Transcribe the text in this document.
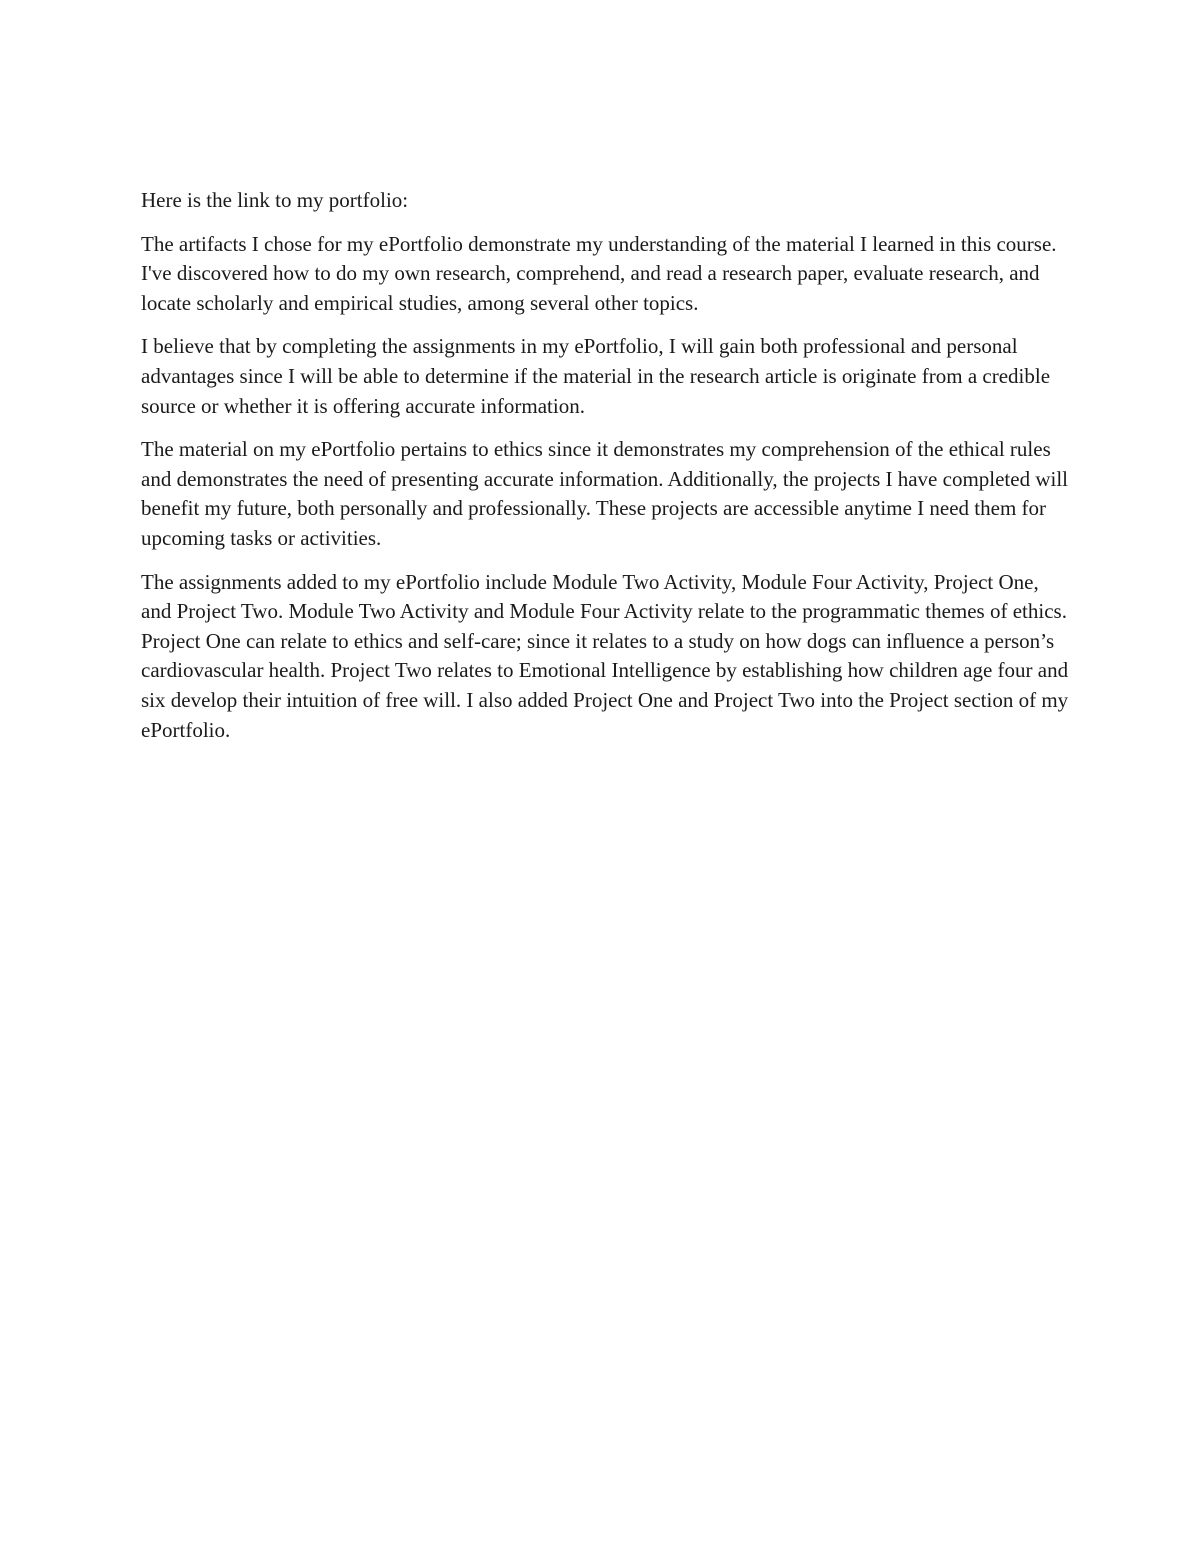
Here is the link to my portfolio:

The artifacts I chose for my ePortfolio demonstrate my understanding of the material I learned in this course. I've discovered how to do my own research, comprehend, and read a research paper, evaluate research, and locate scholarly and empirical studies, among several other topics.

I believe that by completing the assignments in my ePortfolio, I will gain both professional and personal advantages since I will be able to determine if the material in the research article is originate from a credible source or whether it is offering accurate information.

The material on my ePortfolio pertains to ethics since it demonstrates my comprehension of the ethical rules and demonstrates the need of presenting accurate information. Additionally, the projects I have completed will benefit my future, both personally and professionally. These projects are accessible anytime I need them for upcoming tasks or activities.

The assignments added to my ePortfolio include Module Two Activity, Module Four Activity, Project One, and Project Two. Module Two Activity and Module Four Activity relate to the programmatic themes of ethics. Project One can relate to ethics and self-care; since it relates to a study on how dogs can influence a person’s cardiovascular health. Project Two relates to Emotional Intelligence by establishing how children age four and six develop their intuition of free will. I also added Project One and Project Two into the Project section of my ePortfolio.
